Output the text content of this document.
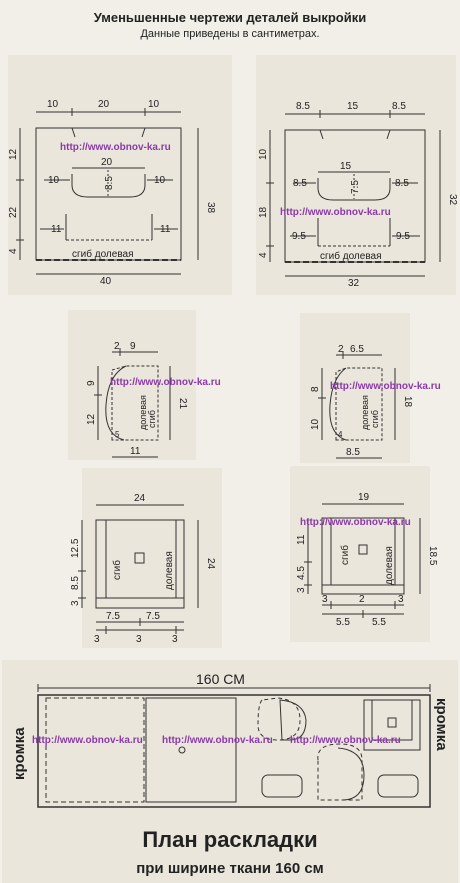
Уменьшенные чертежи деталей выкройки
Данные приведены в сантиметрах.
10	20	10
20
10	10
8.5
11	11
12
22
4
38
40
сгиб долевая
8.5	15	8.5
15
8.5	8.5
7.5
9.5	9.5
10
18
4
32
32
сгиб долевая
2 9
9
12
21
11
5
долевая сгиб
2 6.5
8
10
18
8.5
4
долевая сгиб
24
12.5
8.5
3
24
7.5	7.5
3	3	3
сгиб	долевая
19
11
4.5
3
18.5
3	2	3
5.5 5.5
сгиб	долевая
160 СМ
кромка
кромка
План раскладки
при ширине ткани 160 см
http://www.obnov-ka.ru
http://www.obnov-ka.ru
http://www.obnov-ka.ru	http://www.obnov-ka.ru
http://www.obnov-ka.ru
http://www.obnov-ka.ru http://www.obnov-ka.ru http://www.obnov-ka.ru
